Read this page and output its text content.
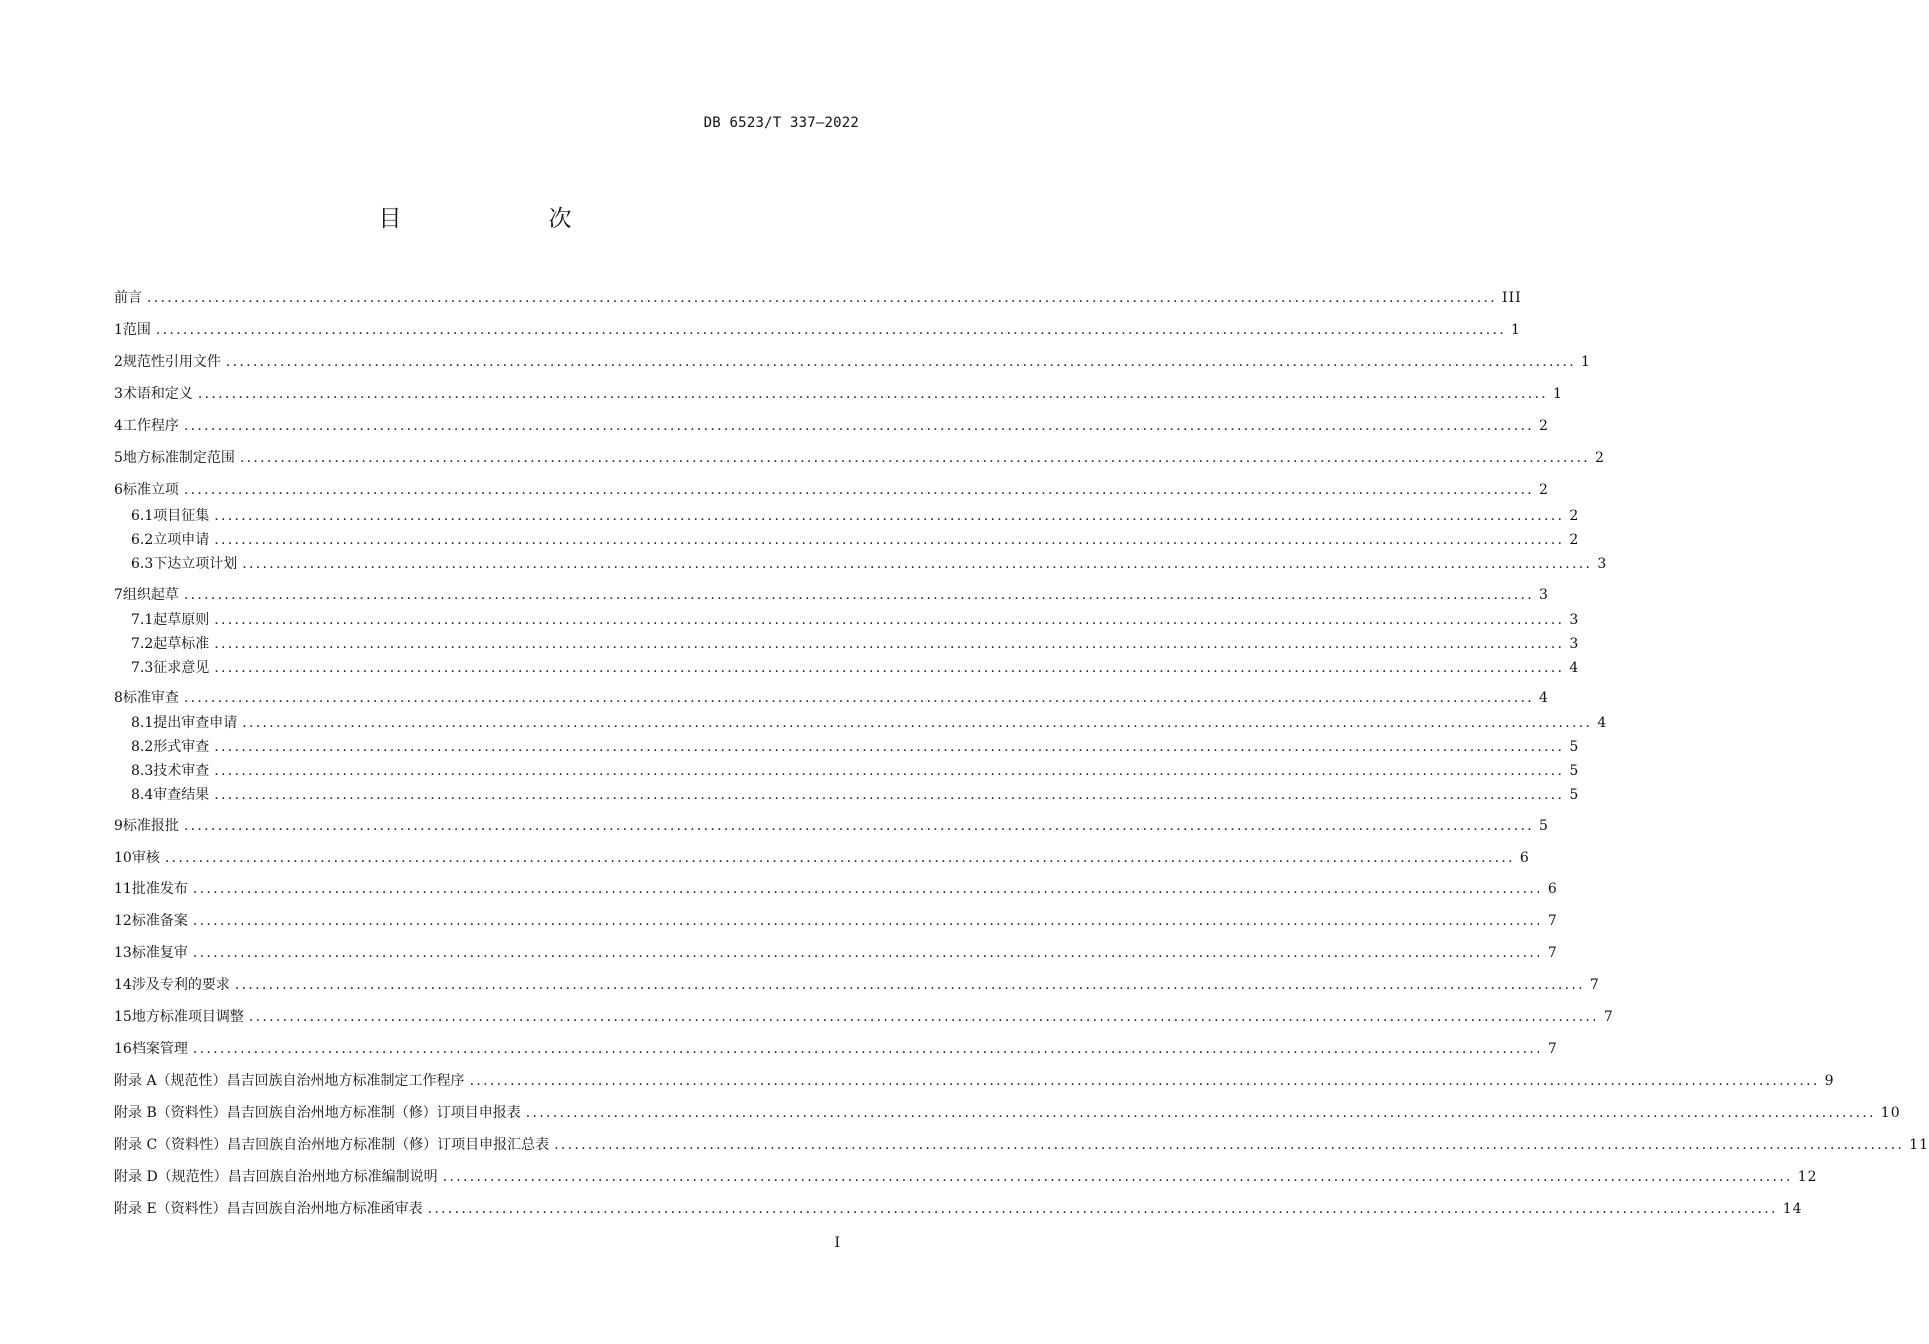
DB 6523/T 337—2022
目　次
前言 ........................................................................................................................................................................................................ III
1 范围 ........................................................................................................................................................................................................ 1
2 规范性引用文件 ........................................................................................................................................................................................................ 1
3 术语和定义 ........................................................................................................................................................................................................ 1
4 工作程序 ........................................................................................................................................................................................................ 2
5 地方标准制定范围 ........................................................................................................................................................................................................ 2
6 标准立项 ........................................................................................................................................................................................................ 2
6.1 项目征集 ........................................................................................................................................................................................................ 2
6.2 立项申请 ........................................................................................................................................................................................................ 2
6.3 下达立项计划 ........................................................................................................................................................................................................ 3
7 组织起草 ........................................................................................................................................................................................................ 3
7.1 起草原则 ........................................................................................................................................................................................................ 3
7.2 起草标准 ........................................................................................................................................................................................................ 3
7.3 征求意见 ........................................................................................................................................................................................................ 4
8 标准审查 ........................................................................................................................................................................................................ 4
8.1 提出审查申请 ........................................................................................................................................................................................................ 4
8.2 形式审查 ........................................................................................................................................................................................................ 5
8.3 技术审查 ........................................................................................................................................................................................................ 5
8.4 审查结果 ........................................................................................................................................................................................................ 5
9 标准报批 ........................................................................................................................................................................................................ 5
10 审核 ........................................................................................................................................................................................................ 6
11 批准发布 ........................................................................................................................................................................................................ 6
12 标准备案 ........................................................................................................................................................................................................ 7
13 标准复审 ........................................................................................................................................................................................................ 7
14 涉及专利的要求 ........................................................................................................................................................................................................ 7
15 地方标准项目调整 ........................................................................................................................................................................................................ 7
16 档案管理 ........................................................................................................................................................................................................ 7
附录 A（规范性） 昌吉回族自治州地方标准制定工作程序 ........................................................................................................................................................................................................ 9
附录 B（资料性） 昌吉回族自治州地方标准制（修）订项目申报表 ........................................................................................................................................................................................................ 10
附录 C（资料性） 昌吉回族自治州地方标准制（修）订项目申报汇总表 ........................................................................................................................................................................................................ 11
附录 D（规范性） 昌吉回族自治州地方标准编制说明 ........................................................................................................................................................................................................ 12
附录 E（资料性） 昌吉回族自治州地方标准函审表 ........................................................................................................................................................................................................ 14
I
